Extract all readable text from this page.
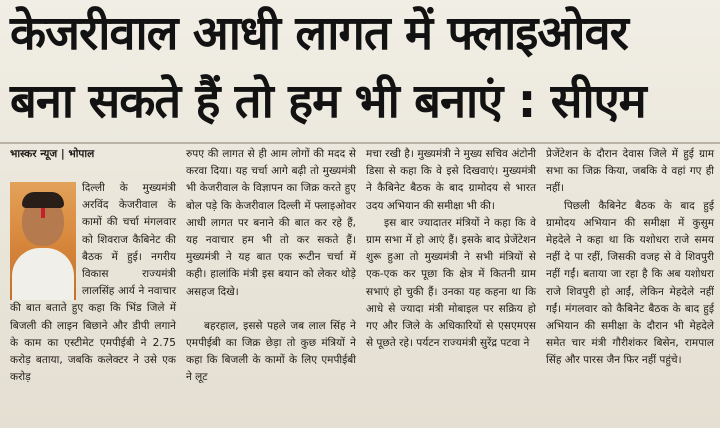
केजरीवाल आधी लागत में फ्लाइओवर
बना सकते हैं तो हम भी बनाएं : सीएम
भास्कर न्यूज | भोपाल

दिल्ली के मुख्यमंत्री अरविंद केजरीवाल के कामों की चर्चा मंगलवार को शिवराज कैबिनेट की बैठक में हुई। नगरीय विकास राज्यमंत्री लालसिंह आर्य ने नवाचार की बात बताते हुए कहा कि भिंड जिले में बिजली की लाइन बिछाने और डीपी लगाने के काम का एस्टीमेट एमपीईबी ने 2.75 करोड़ बताया, जबकि कलेक्टर ने उसे एक करोड़

रुपए की लागत से ही आम लोगों की मदद से करवा दिया। यह चर्चा आगे बढ़ी तो मुख्यमंत्री भी केजरीवाल के विज्ञापन का जिक्र करते हुए बोल पड़े कि केजरीवाल दिल्ली में फ्लाइओवर आधी लागत पर बनाने की बात कर रहे हैं, यह नवाचार हम भी तो कर सकते हैं। मुख्यमंत्री ने यह बात एक रूटीन चर्चा में कही। हालांकि मंत्री इस बयान को लेकर थोड़े असहज दिखे।

बहरहाल, इससे पहले जब लाल सिंह ने एमपीईबी का जिक्र छेड़ा तो कुछ मंत्रियों ने कहा कि बिजली के कामों के लिए एमपीईबी ने लूट

मचा रखी है। मुख्यमंत्री ने मुख्य सचिव अंटोनी डिसा से कहा कि वे इसे दिखवाएं। मुख्यमंत्री ने कैबिनेट बैठक के बाद ग्रामोदय से भारत उदय अभियान की समीक्षा भी की।

इस बार ज्यादातर मंत्रियों ने कहा कि वे ग्राम सभा में हो आएं हैं। इसके बाद प्रेजेंटेशन शुरू हुआ तो मुख्यमंत्री ने सभी मंत्रियों से एक-एक कर पूछा कि क्षेत्र में कितनी ग्राम सभाएं हो चुकी हैं। उनका यह कहना था कि आधे से ज्यादा मंत्री मोबाइल पर सक्रिय हो गए और जिले के अधिकारियों से एसएमएस से पूछते रहे। पर्यटन राज्यमंत्री सुरेंद्र पटवा ने

प्रेजेंटेशन के दौरान देवास जिले में हुई ग्राम सभा का जिक्र किया, जबकि वे वहां गए ही नहीं।

पिछली कैबिनेट बैठक के बाद हुई ग्रामोदय अभियान की समीक्षा में कुसुम मेहदेले ने कहा था कि यशोधरा राजे समय नहीं दे पा रहीं, जिसकी वजह से वे शिवपुरी नहीं गईं। बताया जा रहा है कि अब यशोधरा राजे शिवपुरी हो आईं, लेकिन मेहदेले नहीं गईं। मंगलवार को कैबिनेट बैठक के बाद हुई अभियान की समीक्षा के दौरान भी मेहदेले समेत चार मंत्री गौरीशंकर बिसेन, रामपाल सिंह और पारस जैन फिर नहीं पहुंचे।
